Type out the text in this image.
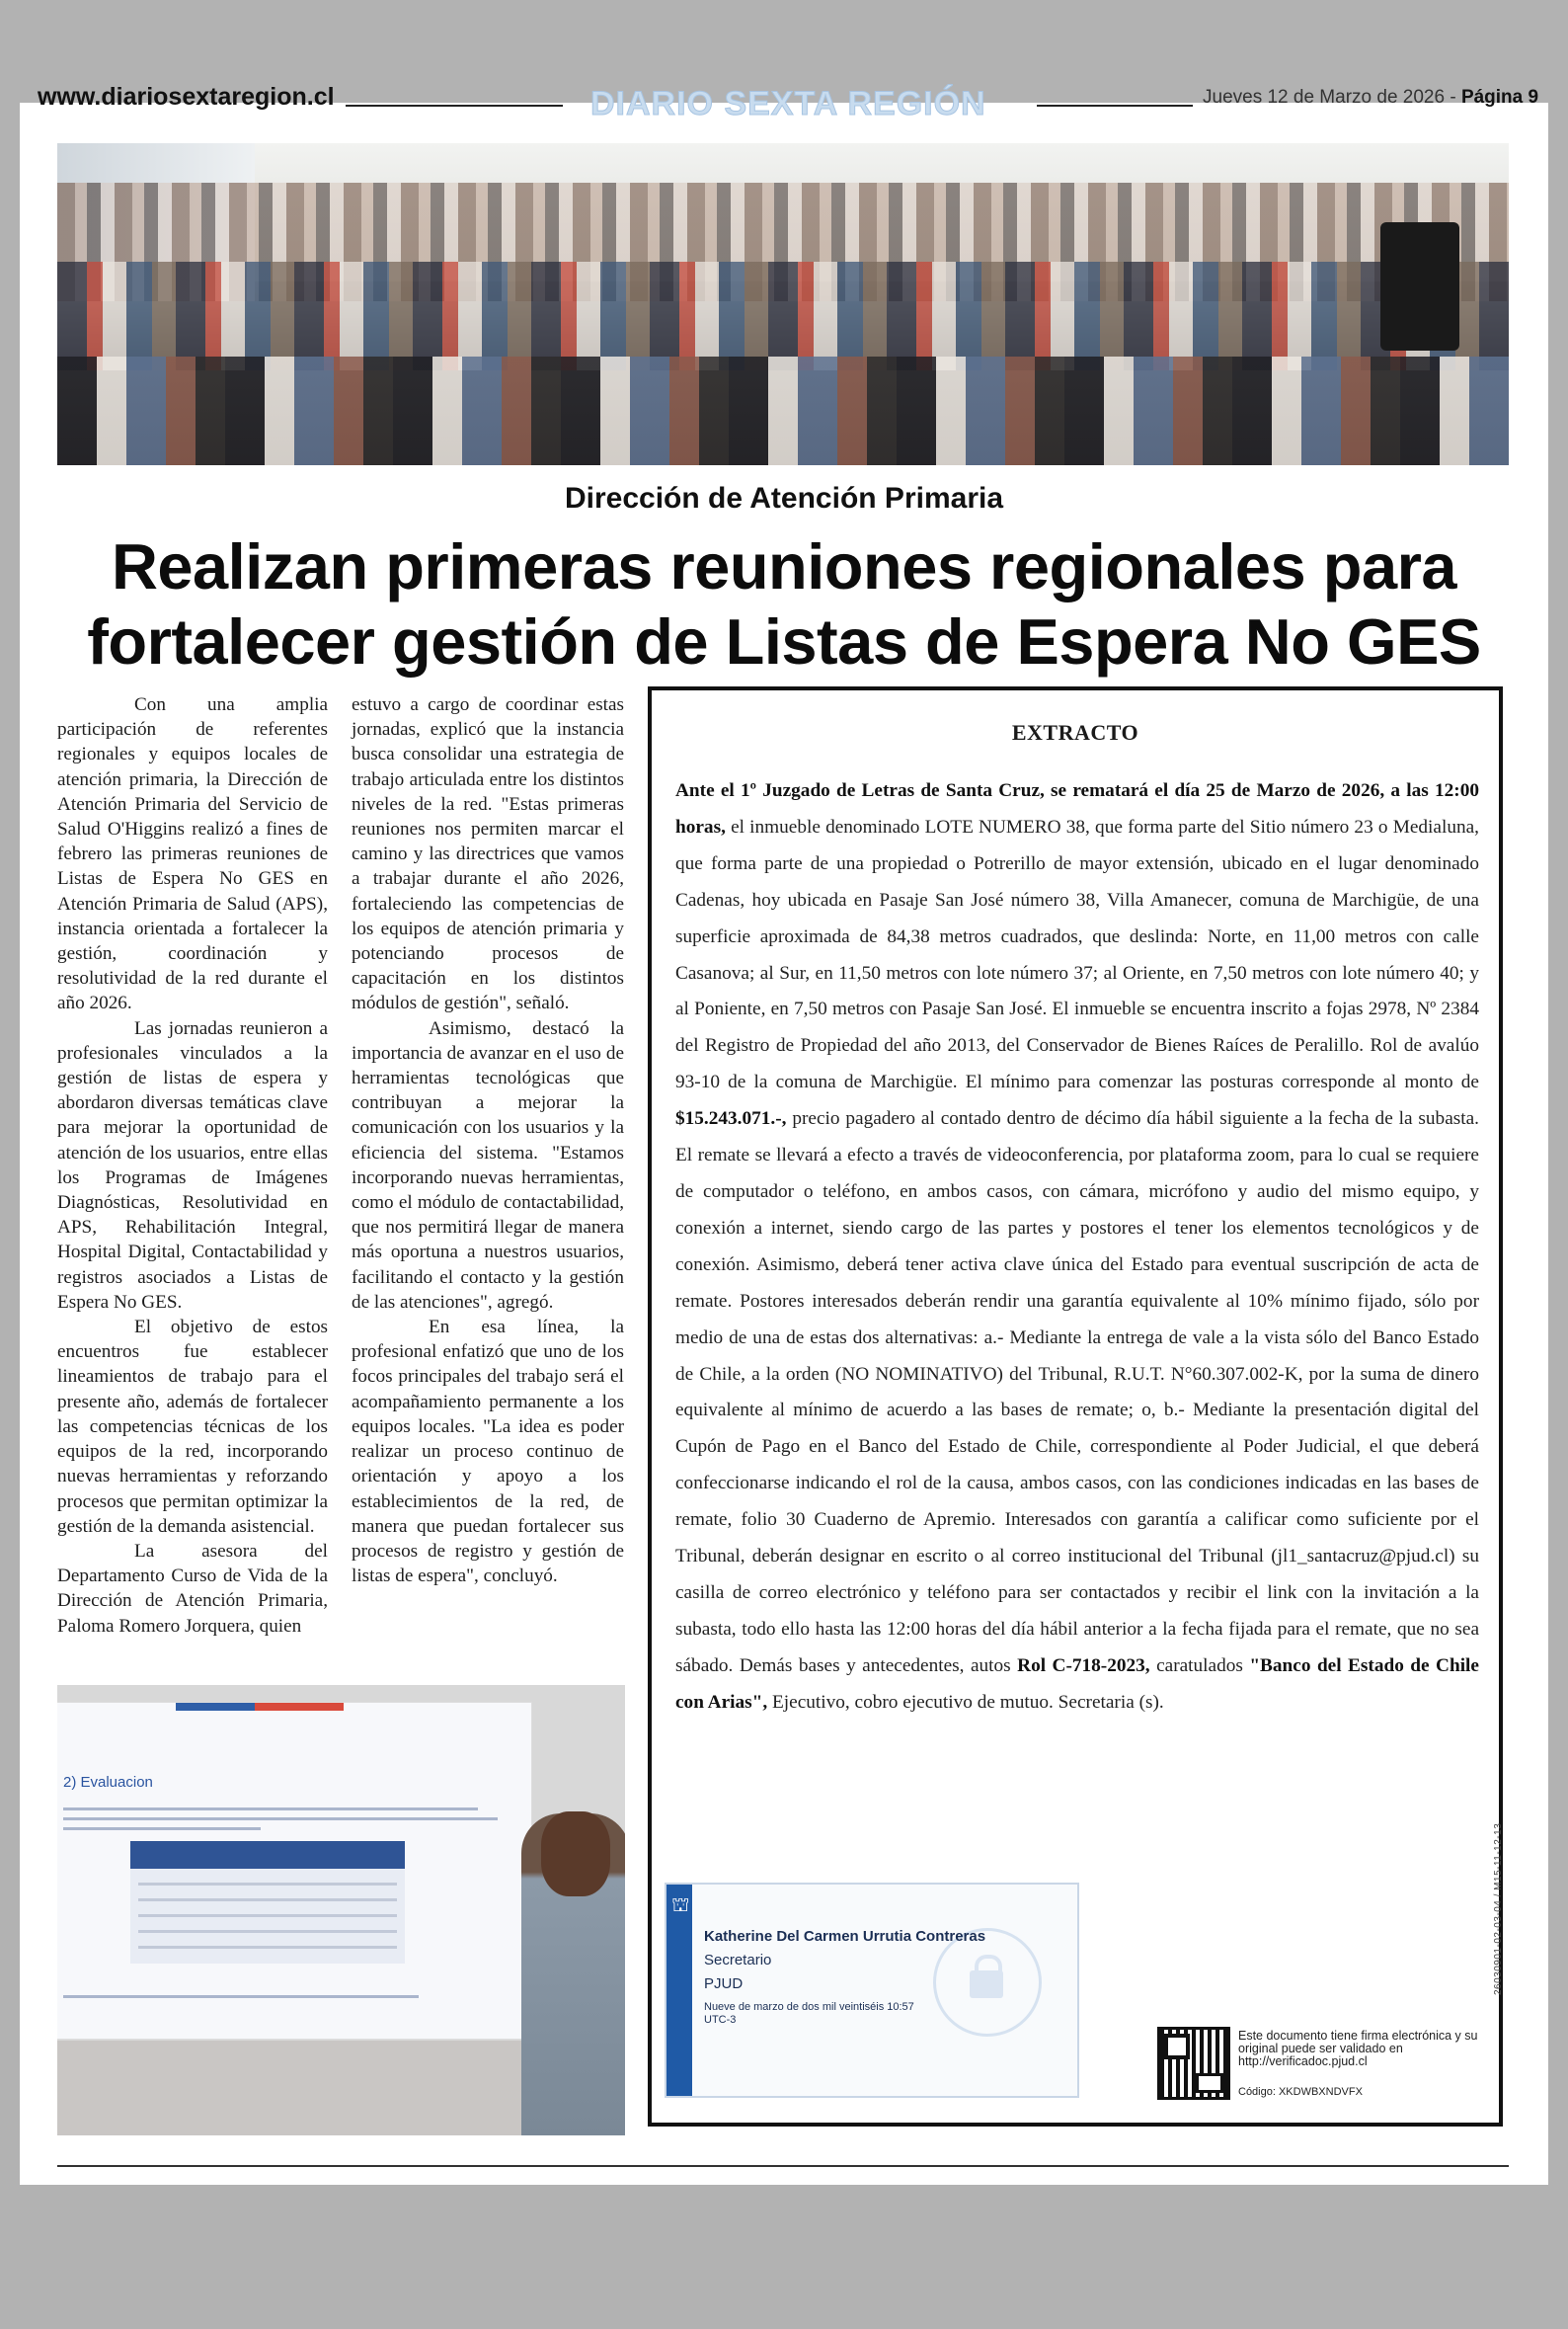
www.diariosextaregion.cl	DIARIO SEXTA REGIÓN	Jueves 12 de Marzo de 2026 - Página 9
Dirección de Atención Primaria
Realizan primeras reuniones regionales para fortalecer gestión de Listas de Espera No GES

Con una amplia participación de referentes regionales y equipos locales de atención primaria, la Dirección de Atención Primaria del Servicio de Salud O'Higgins realizó a fines de febrero las primeras reuniones de Listas de Espera No GES en Atención Primaria de Salud (APS), instancia orientada a fortalecer la gestión, coordinación y resolutividad de la red durante el año 2026.

Las jornadas reunieron a profesionales vinculados a la gestión de listas de espera y abordaron diversas temáticas clave para mejorar la oportunidad de atención de los usuarios, entre ellas los Programas de Imágenes Diagnósticas, Resolutividad en APS, Rehabilitación Integral, Hospital Digital, Contactabilidad y registros asociados a Listas de Espera No GES.

El objetivo de estos encuentros fue establecer lineamientos de trabajo para el presente año, además de fortalecer las competencias técnicas de los equipos de la red, incorporando nuevas herramientas y reforzando procesos que permitan optimizar la gestión de la demanda asistencial.

La asesora del Departamento Curso de Vida de la Dirección de Atención Primaria, Paloma Romero Jorquera, quien

estuvo a cargo de coordinar estas jornadas, explicó que la instancia busca consolidar una estrategia de trabajo articulada entre los distintos niveles de la red. "Estas primeras reuniones nos permiten marcar el camino y las directrices que vamos a trabajar durante el año 2026, fortaleciendo las competencias de los equipos de atención primaria y potenciando procesos de capacitación en los distintos módulos de gestión", señaló.

Asimismo, destacó la importancia de avanzar en el uso de herramientas tecnológicas que contribuyan a mejorar la comunicación con los usuarios y la eficiencia del sistema. "Estamos incorporando nuevas herramientas, como el módulo de contactabilidad, que nos permitirá llegar de manera más oportuna a nuestros usuarios, facilitando el contacto y la gestión de las atenciones", agregó.

En esa línea, la profesional enfatizó que uno de los focos principales del trabajo será el acompañamiento permanente a los equipos locales. "La idea es poder realizar un proceso continuo de orientación y apoyo a los establecimientos de la red, de manera que puedan fortalecer sus procesos de registro y gestión de listas de espera", concluyó.

2) Evaluacion
EXTRACTO
Ante el 1º Juzgado de Letras de Santa Cruz, se rematará el día 25 de Marzo de 2026, a las 12:00 horas, el inmueble denominado LOTE NUMERO 38, que forma parte del Sitio número 23 o Medialuna, que forma parte de una propiedad o Potrerillo de mayor extensión, ubicado en el lugar denominado Cadenas, hoy ubicada en Pasaje San José número 38, Villa Amanecer, comuna de Marchigüe, de una superficie aproximada de 84,38 metros cuadrados, que deslinda: Norte, en 11,00 metros con calle Casanova; al Sur, en 11,50 metros con lote número 37; al Oriente, en 7,50 metros con lote número 40; y al Poniente, en 7,50 metros con Pasaje San José. El inmueble se encuentra inscrito a fojas 2978, Nº 2384 del Registro de Propiedad del año 2013, del Conservador de Bienes Raíces de Peralillo. Rol de avalúo 93-10 de la comuna de Marchigüe. El mínimo para comenzar las posturas corresponde al monto de $15.243.071.-, precio pagadero al contado dentro de décimo día hábil siguiente a la fecha de la subasta. El remate se llevará a efecto a través de videoconferencia, por plataforma zoom, para lo cual se requiere de computador o teléfono, en ambos casos, con cámara, micrófono y audio del mismo equipo, y conexión a internet, siendo cargo de las partes y postores el tener los elementos tecnológicos y de conexión. Asimismo, deberá tener activa clave única del Estado para eventual suscripción de acta de remate. Postores interesados deberán rendir una garantía equivalente al 10% mínimo fijado, sólo por medio de una de estas dos alternativas: a.- Mediante la entrega de vale a la vista sólo del Banco Estado de Chile, a la orden (NO NOMINATIVO) del Tribunal, R.U.T. N°60.307.002-K, por la suma de dinero equivalente al mínimo de acuerdo a las bases de remate; o, b.- Mediante la presentación digital del Cupón de Pago en el Banco del Estado de Chile, correspondiente al Poder Judicial, el que deberá confeccionarse indicando el rol de la causa, ambos casos, con las condiciones indicadas en las bases de remate, folio 30 Cuaderno de Apremio. Interesados con garantía a calificar como suficiente por el Tribunal, deberán designar en escrito o al correo institucional del Tribunal (jl1_santacruz@pjud.cl) su casilla de correo electrónico y teléfono para ser contactados y recibir el link con la invitación a la subasta, todo ello hasta las 12:00 horas del día hábil anterior a la fecha fijada para el remate, que no sea sábado. Demás bases y antecedentes, autos Rol C-718-2023, caratulados "Banco del Estado de Chile con Arias", Ejecutivo, cobro ejecutivo de mutuo. Secretaria (s).
⛫
Katherine Del Carmen Urrutia Contreras
Secretario
PJUD
Nueve de marzo de dos mil veintiséis 10:57 UTC-3
Este documento tiene firma electrónica y su original puede ser validado en http://verificadoc.pjud.cl
Código: XKDWBXNDVFX
26030901-02-03-04 / M15-11-12-13
